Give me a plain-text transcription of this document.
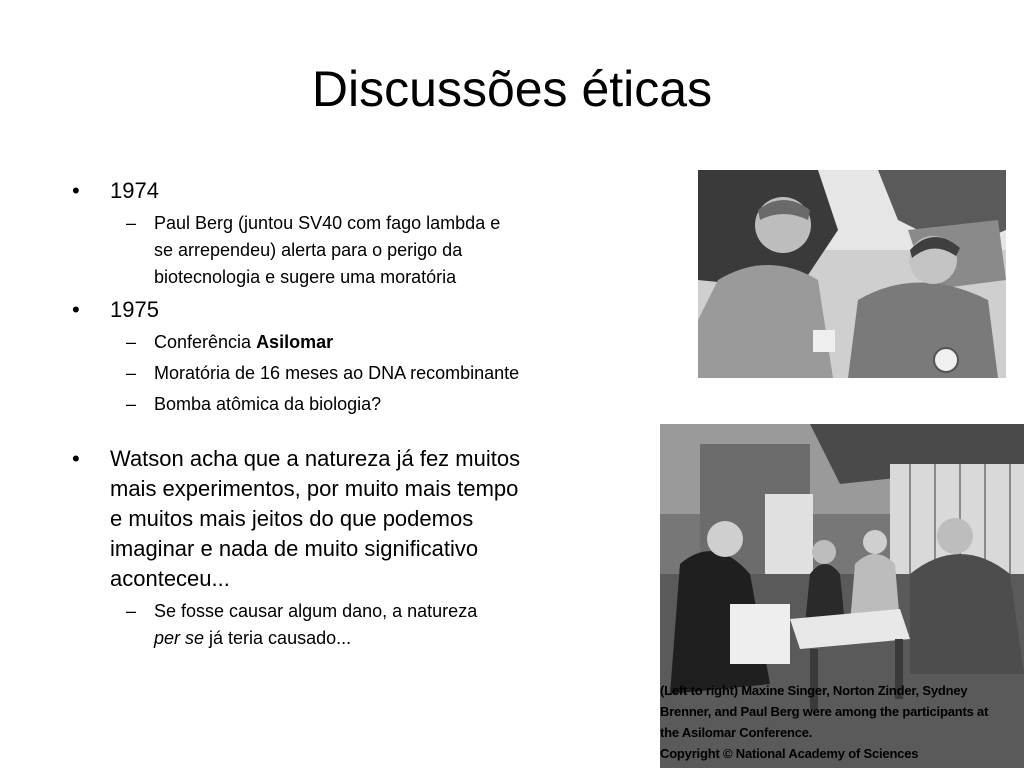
Discussões éticas
• 1974
– Paul Berg (juntou SV40 com fago lambda e
se arrependeu) alerta para o perigo da
biotecnologia e sugere uma moratória
• 1975
– Conferência Asilomar
– Moratória de 16 meses ao DNA recombinante
– Bomba atômica da biologia?
• Watson acha que a natureza já fez muitos
mais experimentos, por muito mais tempo
e muitos mais jeitos do que podemos
imaginar e nada de muito significativo
aconteceu...
– Se fosse causar algum dano, a natureza
per se já teria causado...
(Left to right) Maxine Singer, Norton Zinder, Sydney
Brenner, and Paul Berg were among the participants at
the Asilomar Conference.
Copyright © National Academy of Sciences
